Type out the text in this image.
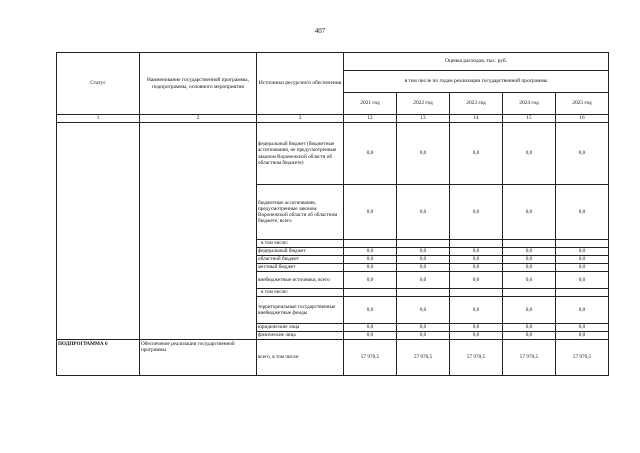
407
Статус	Наименование государственной программы, подпрограммы, основного мероприятия	Источники ресурсного обеспечения	Оценка расходов, тыс. руб.				
			в том числе по годам реализации государственной программы				
			2021 год	2022 год	2023 год	2024 год	2025 год
1	2	3	12	13	14	15	16
		федеральный бюджет (бюджетные ассигнования, не предусмотренные законом Воронежской области об областном бюджете)	0,0	0,0	0,0	0,0	0,0
		бюджетные ассигнования, предусмотренные законом Воронежской области об областном бюджете, всего	0,0	0,0	0,0	0,0	0,0
		в том числе:					
		федеральный бюджет	0,0	0,0	0,0	0,0	0,0
		областной бюджет	0,0	0,0	0,0	0,0	0,0
		местный бюджет	0,0	0,0	0,0	0,0	0,0
		внебюджетные источники, всего	0,0	0,0	0,0	0,0	0,0
		в том числе:					
		территориальные государственные внебюджетные фонды	0,0	0,0	0,0	0,0	0,0
		юридические лица	0,0	0,0	0,0	0,0	0,0
		физические лица	0,0	0,0	0,0	0,0	0,0
ПОДПРОГРАММА 6	Обеспечение реализации государственной программы	всего, в том числе:	57 970,5	57 970,5	57 970,5	57 970,5	57 970,5
